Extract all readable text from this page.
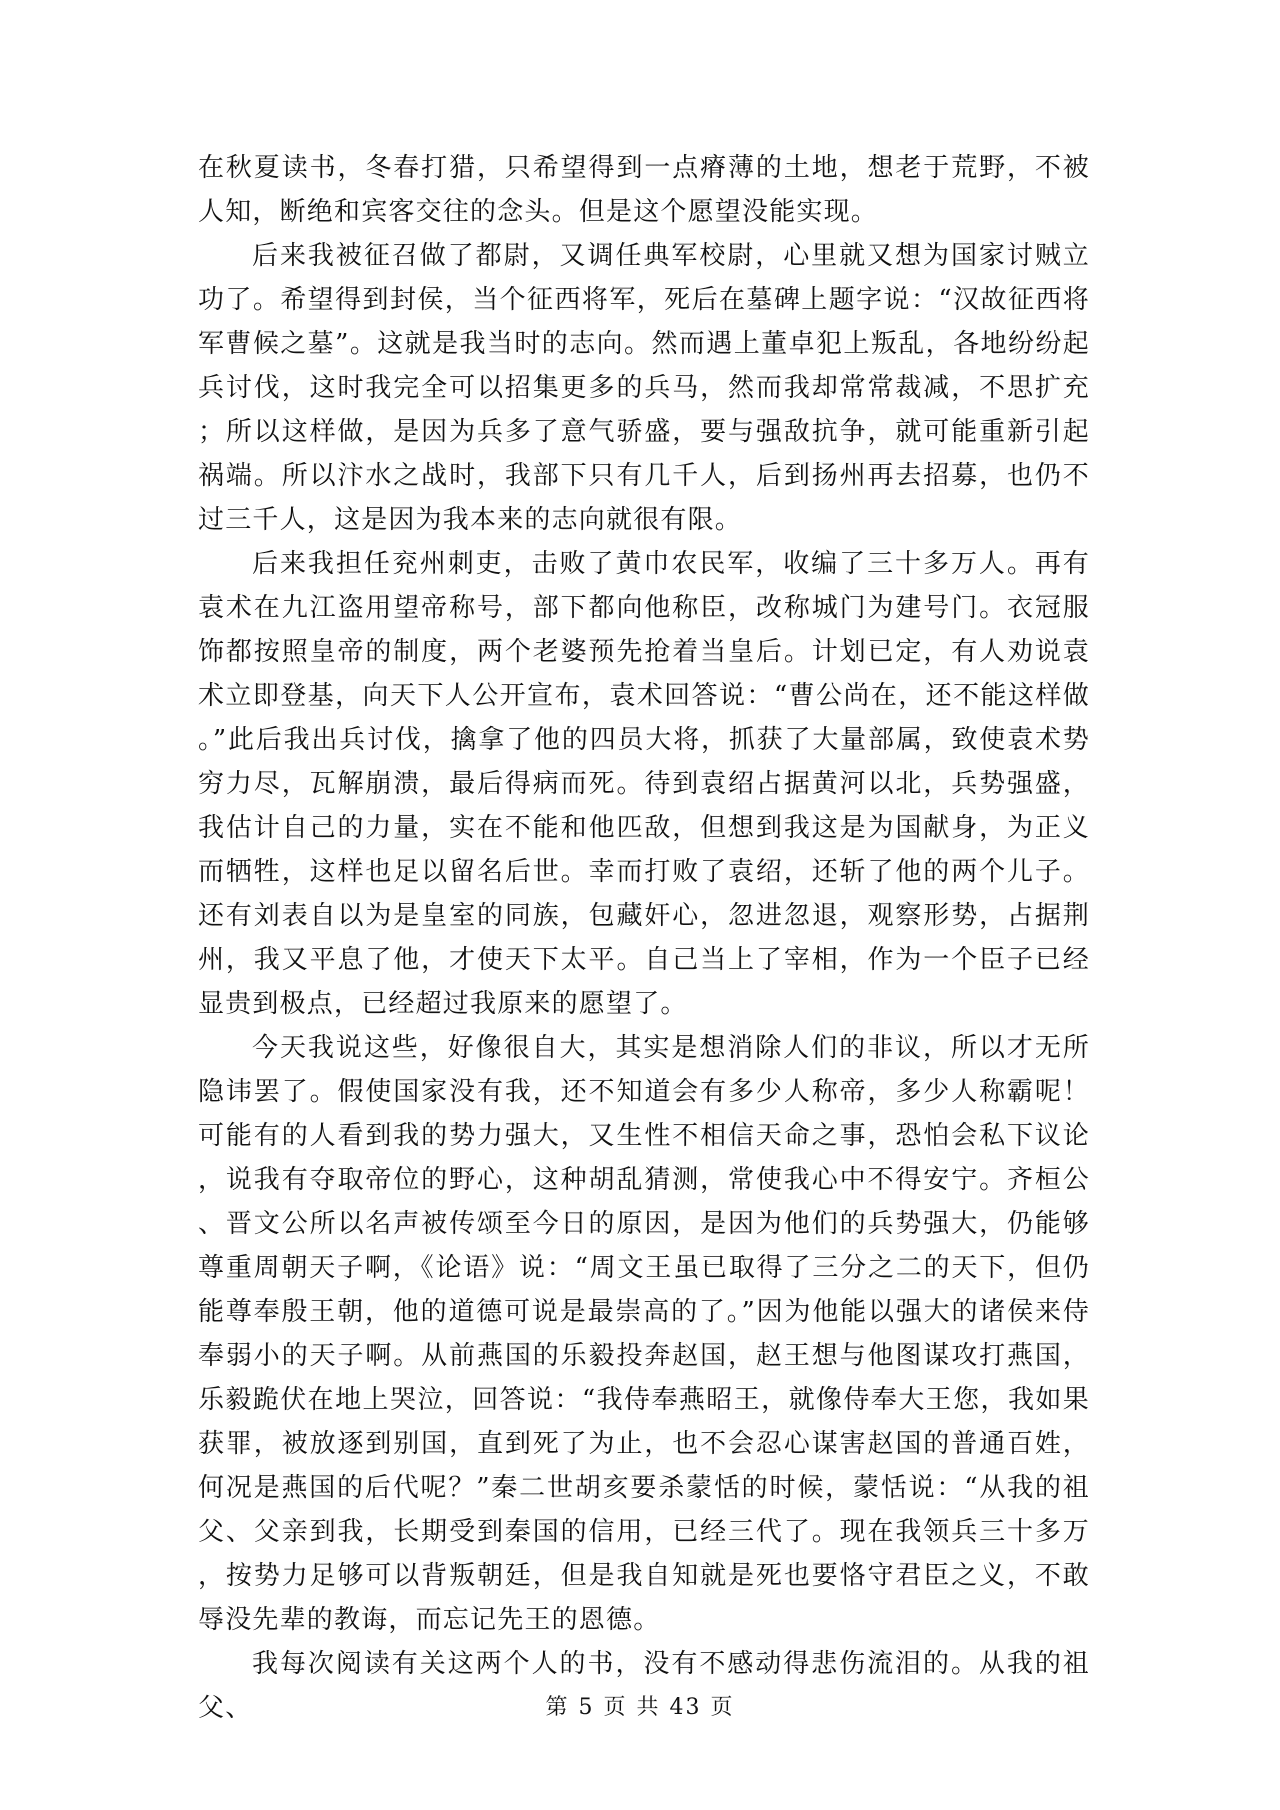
在秋夏读书，冬春打猎，只希望得到一点瘠薄的土地，想老于荒野，不被人知，断绝和宾客交往的念头。但是这个愿望没能实现。

后来我被征召做了都尉，又调任典军校尉，心里就又想为国家讨贼立功了。希望得到封侯，当个征西将军，死后在墓碑上题字说：“汉故征西将军曹候之墓”。这就是我当时的志向。然而遇上董卓犯上叛乱，各地纷纷起兵讨伐，这时我完全可以招集更多的兵马，然而我却常常裁减，不思扩充；所以这样做，是因为兵多了意气骄盛，要与强敌抗争，就可能重新引起祸端。所以汴水之战时，我部下只有几千人，后到扬州再去招募，也仍不过三千人，这是因为我本来的志向就很有限。

后来我担任兖州刺吏，击败了黄巾农民军，收编了三十多万人。再有袁术在九江盗用望帝称号，部下都向他称臣，改称城门为建号门。衣冠服饰都按照皇帝的制度，两个老婆预先抢着当皇后。计划已定，有人劝说袁术立即登基，向天下人公开宣布，袁术回答说：“曹公尚在，还不能这样做。”此后我出兵讨伐，擒拿了他的四员大将，抓获了大量部属，致使袁术势穷力尽，瓦解崩溃，最后得病而死。待到袁绍占据黄河以北，兵势强盛，我估计自己的力量，实在不能和他匹敌，但想到我这是为国献身，为正义而牺牲，这样也足以留名后世。幸而打败了袁绍，还斩了他的两个儿子。还有刘表自以为是皇室的同族，包藏奸心，忽进忽退，观察形势，占据荆州，我又平息了他，才使天下太平。自己当上了宰相，作为一个臣子已经显贵到极点，已经超过我原来的愿望了。

今天我说这些，好像很自大，其实是想消除人们的非议，所以才无所隐讳罢了。假使国家没有我，还不知道会有多少人称帝，多少人称霸呢！可能有的人看到我的势力强大，又生性不相信天命之事，恐怕会私下议论，说我有夺取帝位的野心，这种胡乱猜测，常使我心中不得安宁。齐桓公、晋文公所以名声被传颂至今日的原因，是因为他们的兵势强大，仍能够尊重周朝天子啊，《论语》说：“周文王虽已取得了三分之二的天下，但仍能尊奉殷王朝，他的道德可说是最崇高的了。”因为他能以强大的诸侯来侍奉弱小的天子啊。从前燕国的乐毅投奔赵国，赵王想与他图谋攻打燕国，乐毅跪伏在地上哭泣，回答说：“我侍奉燕昭王，就像侍奉大王您，我如果获罪，被放逐到别国，直到死了为止，也不会忍心谋害赵国的普通百姓，何况是燕国的后代呢？”秦二世胡亥要杀蒙恬的时候，蒙恬说：“从我的祖父、父亲到我，长期受到秦国的信用，已经三代了。现在我领兵三十多万，按势力足够可以背叛朝廷，但是我自知就是死也要恪守君臣之义，不敢辱没先辈的教诲，而忘记先王的恩德。

我每次阅读有关这两个人的书，没有不感动得悲伤流泪的。从我的祖父、	第 5 页 共 43 页
